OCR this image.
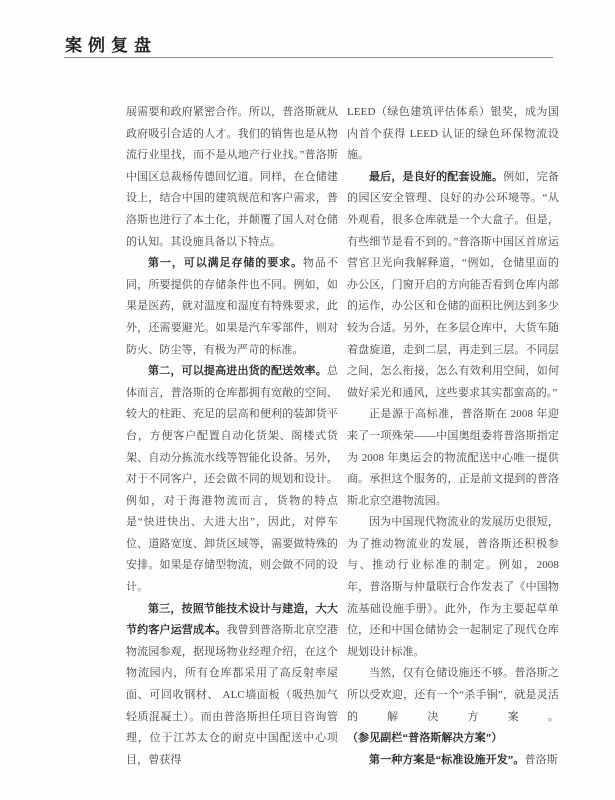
案例复盘

展需要和政府紧密合作。所以，普洛斯就从政府吸引合适的人才。我们的销售也是从物流行业里找，而不是从地产行业找。”普洛斯中国区总裁杨传德回忆道。同样，在仓储建设上，结合中国的建筑规范和客户需求，普洛斯也进行了本土化，并颠覆了国人对仓储的认知。其设施具备以下特点。

第一，可以满足存储的要求。物品不同，所要提供的存储条件也不同。例如，如果是医药，就对温度和湿度有特殊要求，此外，还需要避光。如果是汽车零部件，则对防火、防尘等，有极为严苛的标准。

第二，可以提高进出货的配送效率。总体而言，普洛斯的仓库都拥有宽敞的空间、较大的柱距、充足的层高和便利的装卸货平台，方便客户配置自动化货架、阁楼式货架、自动分拣流水线等智能化设备。另外，对于不同客户，还会做不同的规划和设计。例如，对于海港物流而言，货物的特点是“快进快出、大进大出”，因此，对停车位、道路宽度、卸货区域等，需要做特殊的安排。如果是存储型物流，则会做不同的设计。

第三，按照节能技术设计与建造，大大节约客户运营成本。我曾到普洛斯北京空港物流园参观，据现场物业经理介绍，在这个物流园内，所有仓库都采用了高反射率屋面、可回收钢材、 ALC墙面板（吸热加气轻质混凝土）。而由普洛斯担任项目咨询管理，位于江苏太仓的耐克中国配送中心项目，曾获得

LEED（绿色建筑评估体系）银奖，成为国内首个获得 LEED 认证的绿色环保物流设施。

最后，是良好的配套设施。例如，完备的园区安全管理、良好的办公环境等。“从外观看，很多仓库就是一个大盒子。但是，有些细节是看不到的。”普洛斯中国区首席运营官卫光向我解释道，“例如，仓储里面的办公区，门窗开启的方向能否看到仓库内部的运作，办公区和仓储的面积比例达到多少较为合适。另外，在多层仓库中，大货车随着盘旋道，走到二层，再走到三层。不同层之间，怎么衔接，怎么有效利用空间，如何做好采光和通风，这些要求其实都蛮高的。”

正是源于高标准，普洛斯在 2008 年迎来了一项殊荣——中国奥组委将普洛斯指定为 2008 年奥运会的物流配送中心唯一提供商。承担这个服务的，正是前文提到的普洛斯北京空港物流园。

因为中国现代物流业的发展历史很短，为了推动物流业的发展，普洛斯还积极参与、推动行业标准的制定。例如，2008 年，普洛斯与仲量联行合作发表了《中国物流基础设施手册》。此外，作为主要起草单位，还和中国仓储协会一起制定了现代仓库规划设计标准。

当然，仅有仓储设施还不够。普洛斯之所以受欢迎，还有一个“杀手锏”，就是灵活的解决方案。（参见副栏“普洛斯解决方案”）

第一种方案是“标准设施开发”。普洛斯
